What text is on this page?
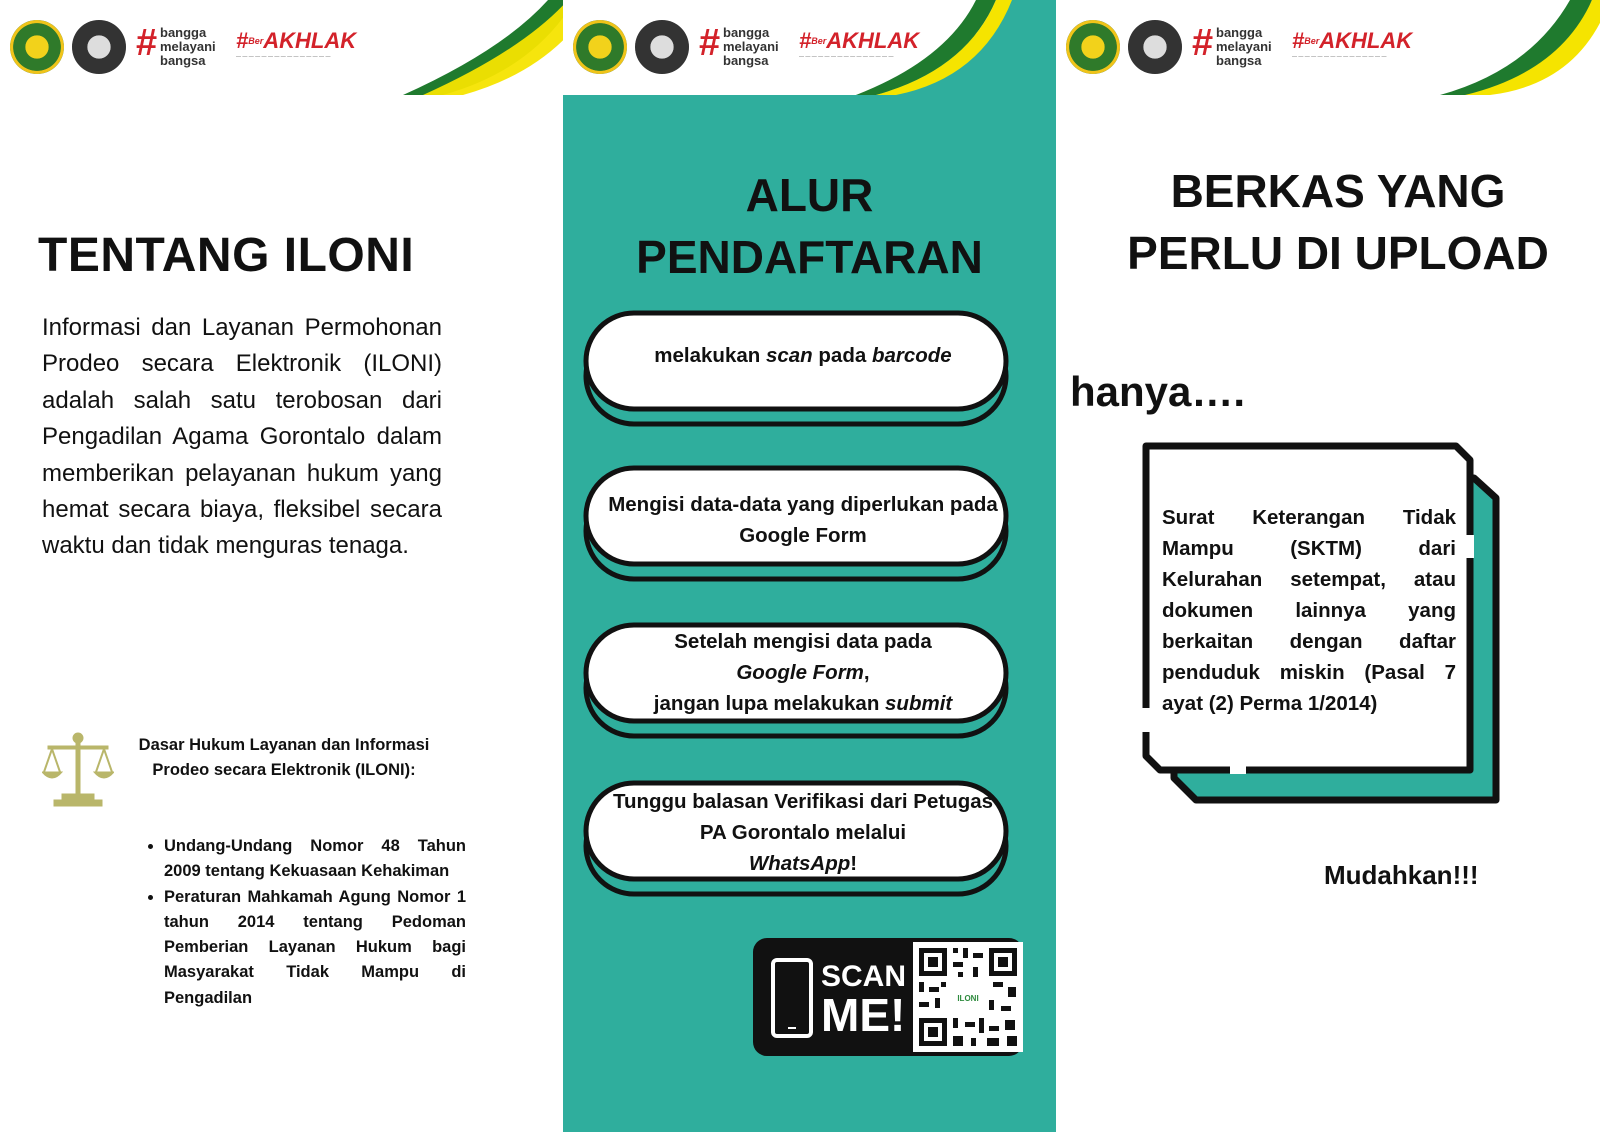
# bangga
melayani
bangsa
#$^{Ber}$AKHLAK
— — — — — — — — — — — — — — —
TENTANG ILONI

Informasi dan Layanan Permohonan Prodeo secara Elektronik (ILONI) adalah salah satu terobosan dari Pengadilan Agama Gorontalo dalam memberikan pelayanan hukum yang hemat secara biaya, fleksibel secara waktu dan tidak menguras tenaga.

Dasar Hukum Layanan dan Informasi Prodeo secara Elektronik (ILONI):
• Undang-Undang Nomor 48 Tahun 2009 tentang Kekuasaan Kehakiman
• Peraturan Mahkamah Agung Nomor 1 tahun 2014 tentang Pedoman Pemberian Layanan Hukum bagi Masyarakat Tidak Mampu di Pengadilan
# bangga
melayani
bangsa
#$^{Ber}$AKHLAK
— — — — — — — — — — — — — — —
ALUR
PENDAFTARAN
melakukan scan pada barcode
Mengisi data-data yang diperlukan pada Google Form
Setelah mengisi data pada
Google Form,
jangan lupa melakukan submit
Tunggu balasan Verifikasi dari Petugas PA Gorontalo melalui
WhatsApp!
SCAN
ME!	ILONI
# bangga
melayani
bangsa
#$^{Ber}$AKHLAK
— — — — — — — — — — — — — — —
BERKAS YANG
PERLU DI UPLOAD
hanya….
Surat Keterangan Tidak Mampu (SKTM) dari Kelurahan setempat, atau dokumen lainnya yang berkaitan dengan daftar penduduk miskin (Pasal 7 ayat (2) Perma 1/2014)
Mudahkan!!!
